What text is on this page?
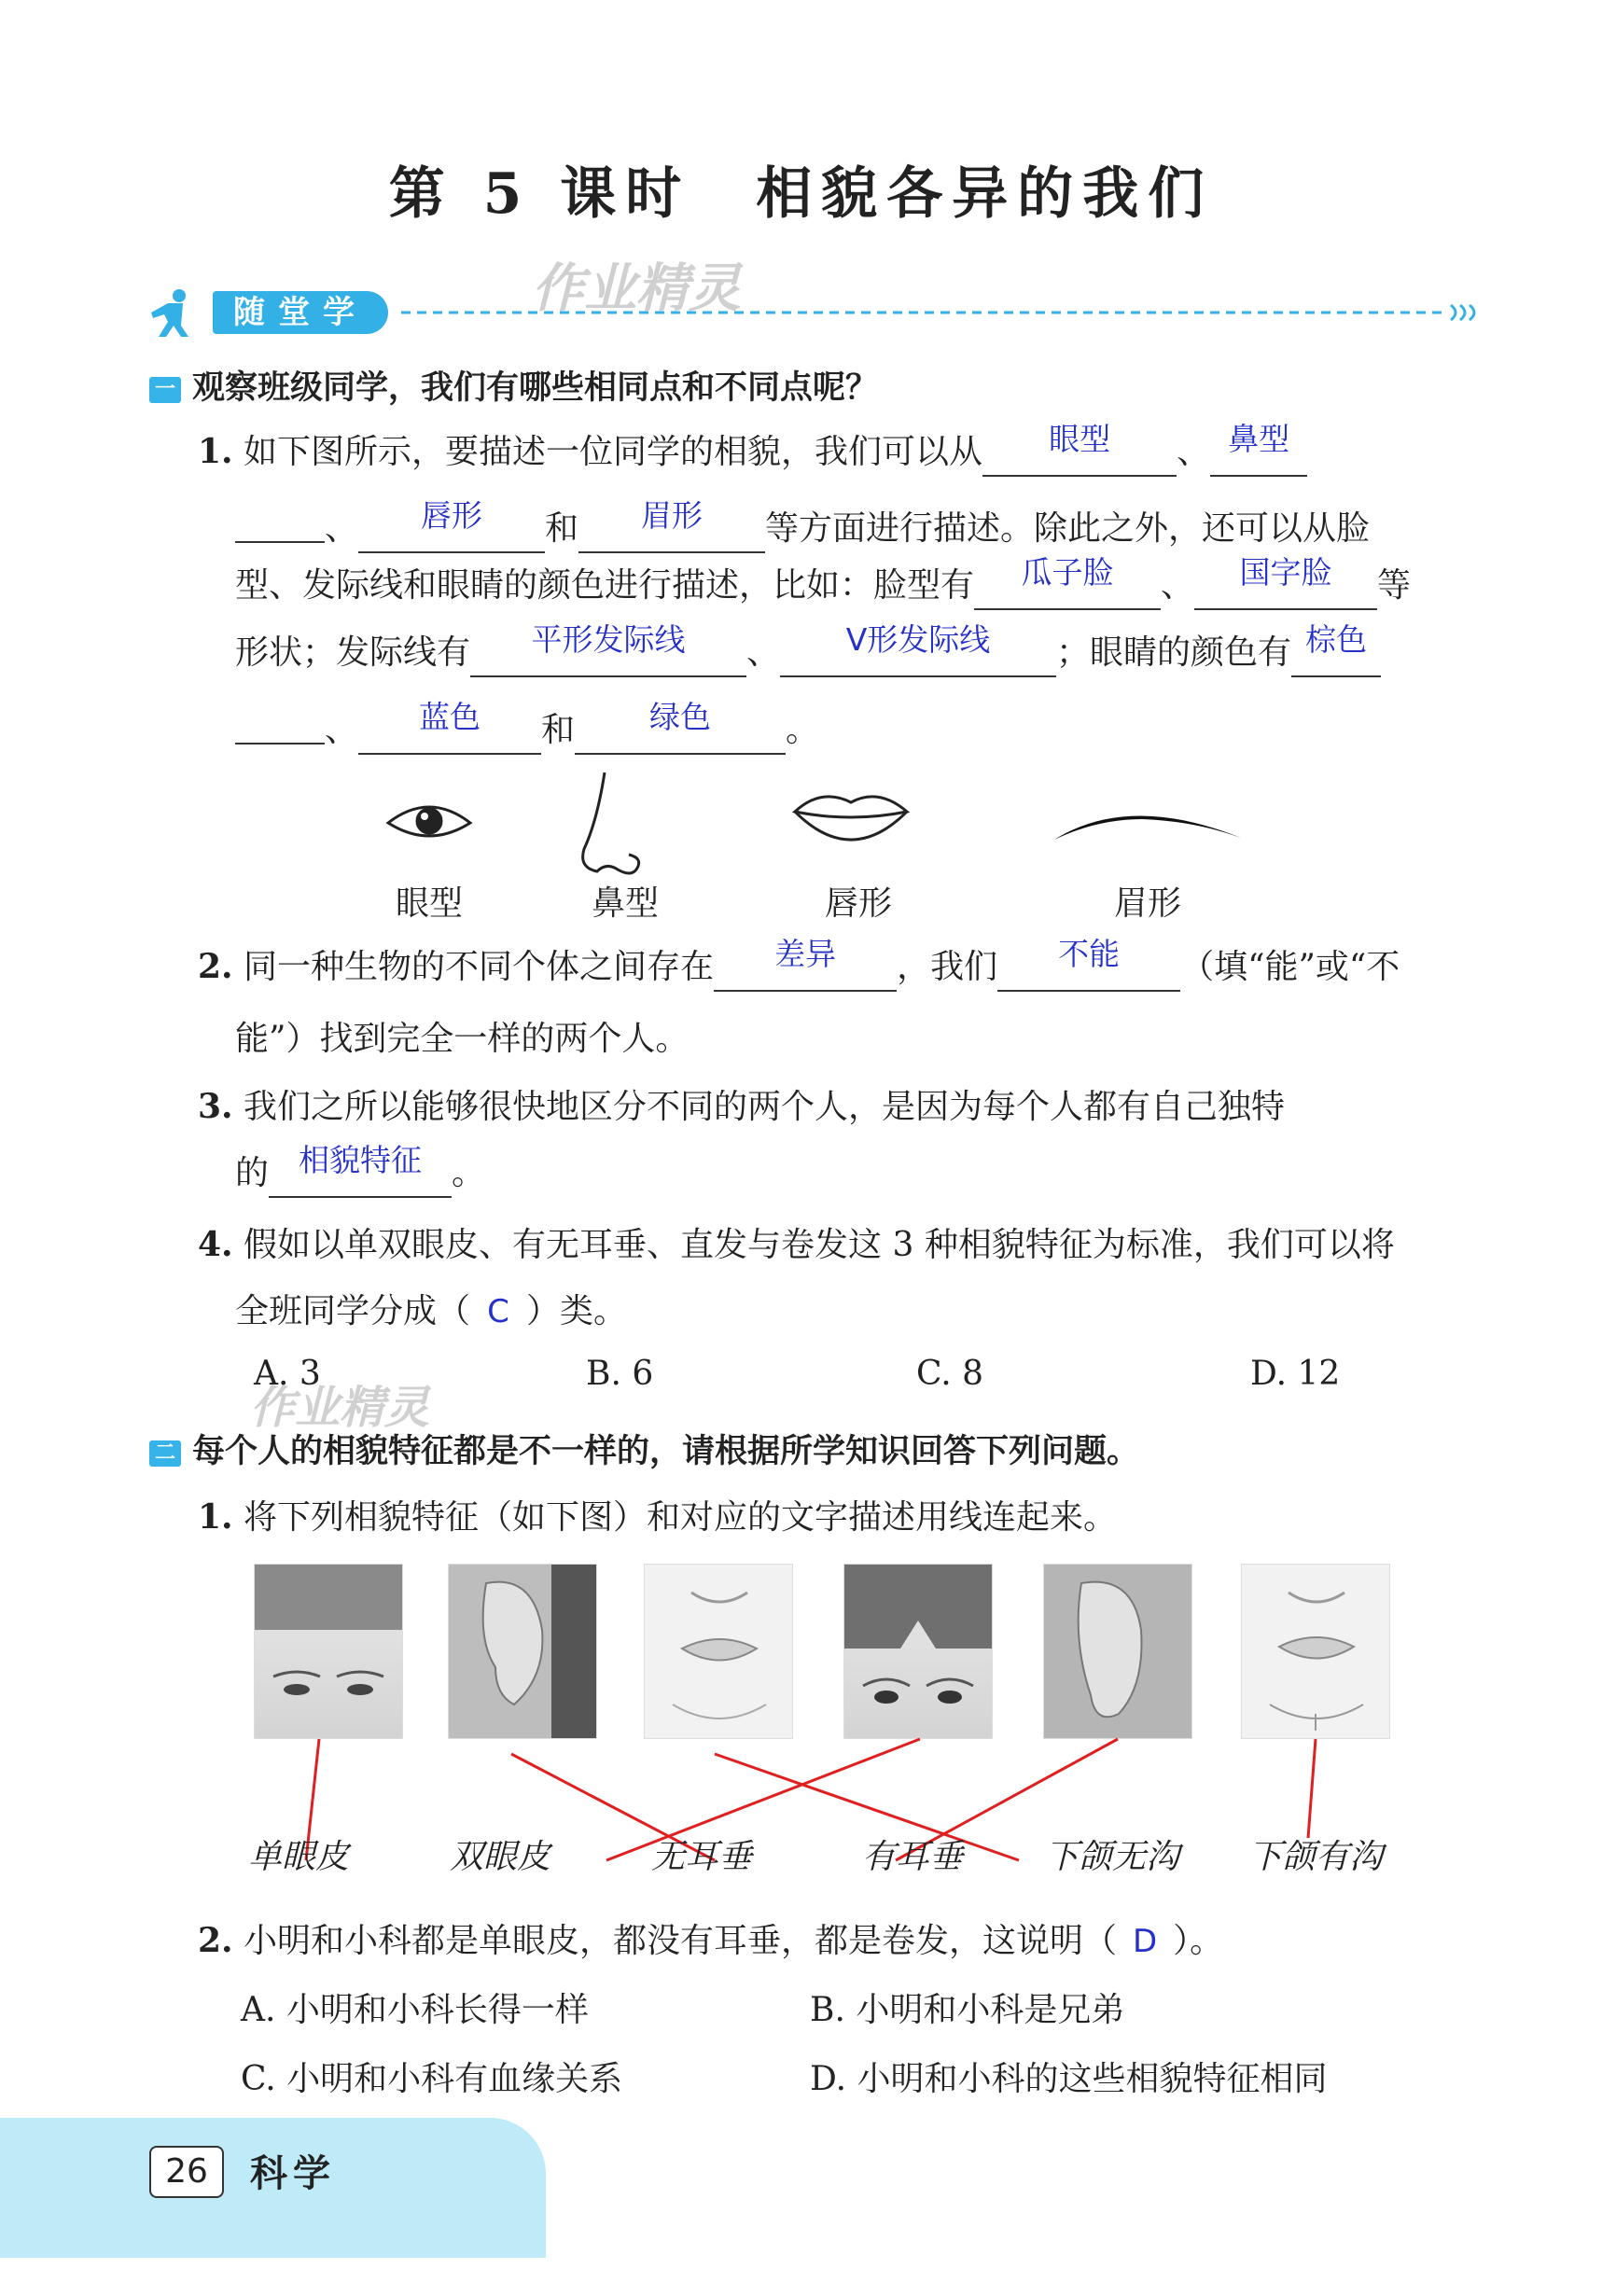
第 5 课时 相貌各异的我们
随堂学	作业精灵
一 观察班级同学，我们有哪些相同点和不同点呢？
1. 如下图所示，要描述一位同学的相貌，我们可以从 眼型 、 鼻型
、 唇形 和 眉形 等方面进行描述。除此之外，还可以从脸
型、发际线和眼睛的颜色进行描述，比如：脸型有 瓜子脸 、 国字脸 等
形状；发际线有 平形发际线 、 V形发际线 ；眼睛的颜色有 棕色
、 蓝色 和 绿色 。
眼型	鼻型	唇形	眉形
2. 同一种生物的不同个体之间存在 差异 ，我们 不能 （填“能”或“不
能”）找到完全一样的两个人。
3. 我们之所以能够很快地区分不同的两个人，是因为每个人都有自己独特
的 相貌特征 。
4. 假如以单双眼皮、有无耳垂、直发与卷发这 3 种相貌特征为标准，我们可以将
全班同学分成（ C ）类。
A. 3	B. 6	C. 8	D. 12
作业精灵
二 每个人的相貌特征都是不一样的，请根据所学知识回答下列问题。
1. 将下列相貌特征（如下图）和对应的文字描述用线连起来。
单眼皮	双眼皮	无耳垂	有耳垂 下颌无沟 下颌有沟
2. 小明和小科都是单眼皮，都没有耳垂，都是卷发，这说明（ D ）。
A. 小明和小科长得一样	B. 小明和小科是兄弟
C. 小明和小科有血缘关系	D. 小明和小科的这些相貌特征相同
26	科学
